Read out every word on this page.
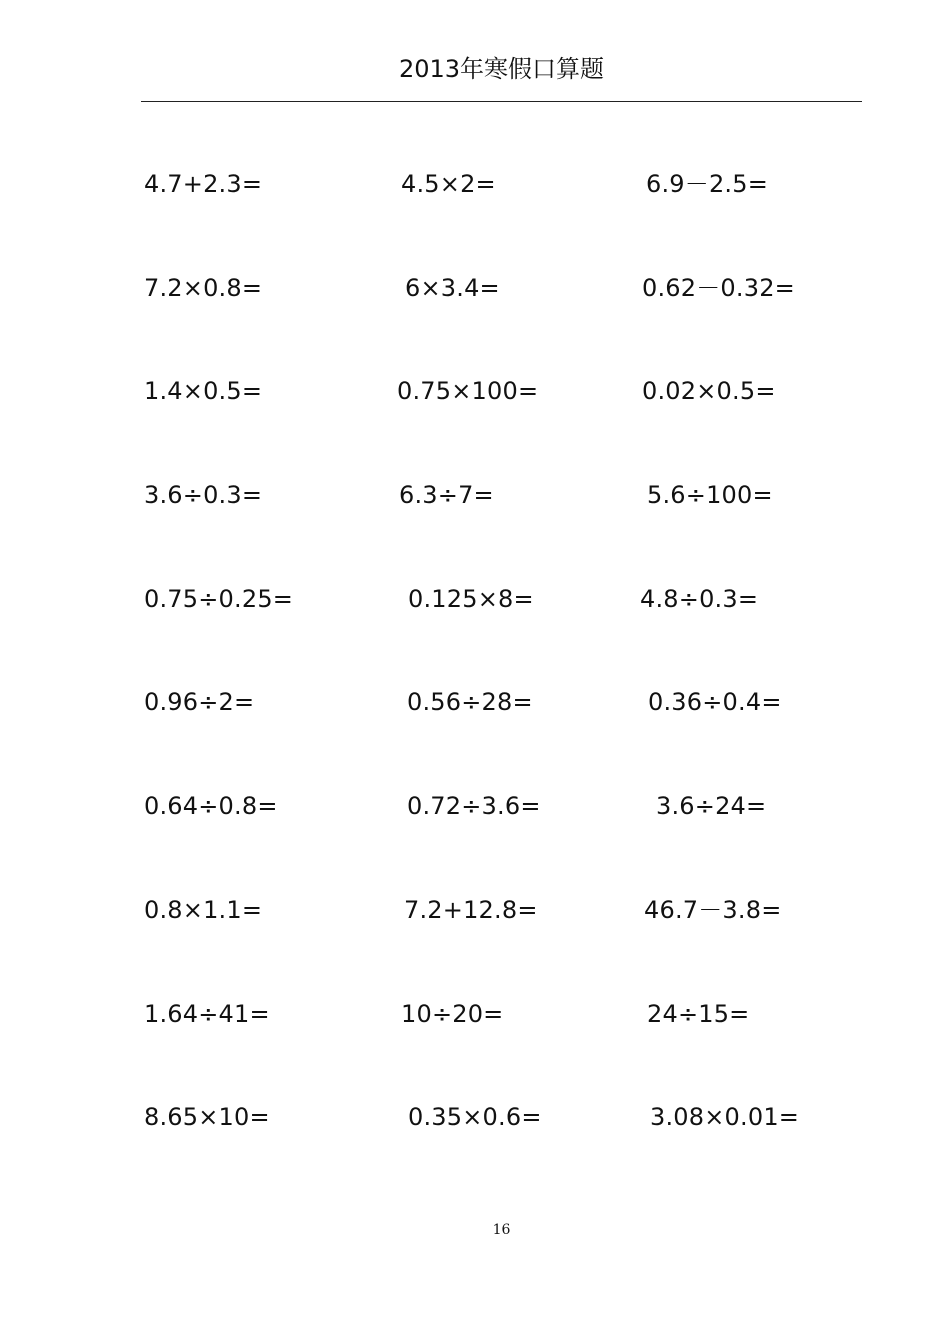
2013年寒假口算题
4.7+2.3=	4.5×2=	6.9－2.5=
7.2×0.8=	6×3.4=	0.62－0.32=
1.4×0.5=	0.75×100=	0.02×0.5=
3.6÷0.3=	6.3÷7=	5.6÷100=
0.75÷0.25=	0.125×8=	4.8÷0.3=
0.96÷2=	0.56÷28=	0.36÷0.4=
0.64÷0.8=	0.72÷3.6=	3.6÷24=
0.8×1.1=	7.2+12.8=	46.7－3.8=
1.64÷41=	10÷20=	24÷15=
8.65×10=	0.35×0.6=	3.08×0.01=
16
